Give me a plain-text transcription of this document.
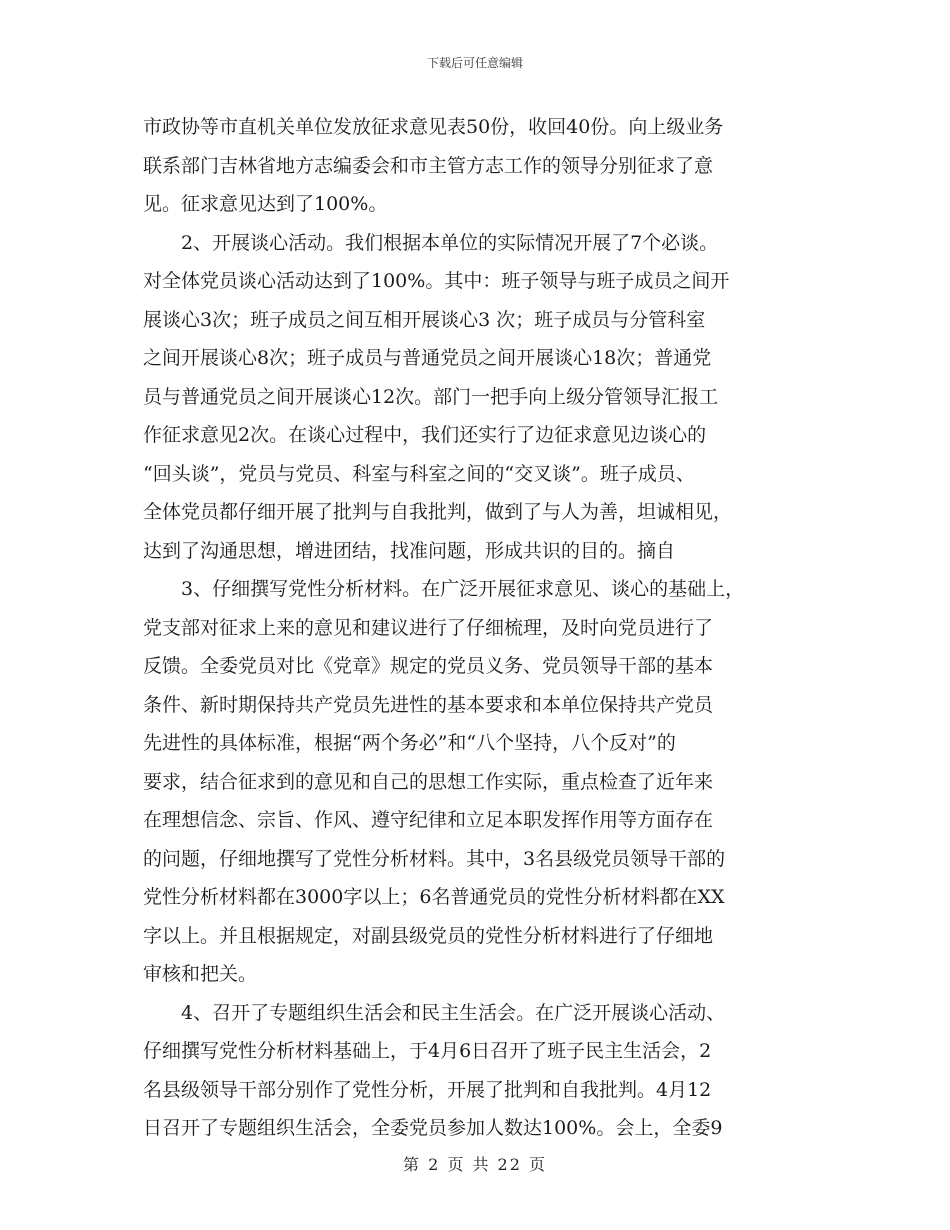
下载后可任意编辑
市政协等市直机关单位发放征求意见表50份，收回40份。向上级业务
联系部门吉林省地方志编委会和市主管方志工作的领导分别征求了意
见。征求意见达到了100%。
　　2、开展谈心活动。我们根据本单位的实际情况开展了7个必谈。
对全体党员谈心活动达到了100%。其中：班子领导与班子成员之间开
展谈心3次；班子成员之间互相开展谈心3 次；班子成员与分管科室
之间开展谈心8次；班子成员与普通党员之间开展谈心18次；普通党
员与普通党员之间开展谈心12次。部门一把手向上级分管领导汇报工
作征求意见2次。在谈心过程中，我们还实行了边征求意见边谈心的
“回头谈”，党员与党员、科室与科室之间的“交叉谈”。班子成员、
全体党员都仔细开展了批判与自我批判，做到了与人为善，坦诚相见，
达到了沟通思想，增进团结，找准问题，形成共识的目的。摘自
　　3、仔细撰写党性分析材料。在广泛开展征求意见、谈心的基础上，
党支部对征求上来的意见和建议进行了仔细梳理，及时向党员进行了
反馈。全委党员对比《党章》规定的党员义务、党员领导干部的基本
条件、新时期保持共产党员先进性的基本要求和本单位保持共产党员
先进性的具体标准，根据“两个务必”和“八个坚持，八个反对”的
要求，结合征求到的意见和自己的思想工作实际，重点检查了近年来
在理想信念、宗旨、作风、遵守纪律和立足本职发挥作用等方面存在
的问题，仔细地撰写了党性分析材料。其中，3名县级党员领导干部的
党性分析材料都在3000字以上；6名普通党员的党性分析材料都在XX
字以上。并且根据规定，对副县级党员的党性分析材料进行了仔细地
审核和把关。
　　4、召开了专题组织生活会和民主生活会。在广泛开展谈心活动、
仔细撰写党性分析材料基础上，于4月6日召开了班子民主生活会，2
名县级领导干部分别作了党性分析，开展了批判和自我批判。4月12
日召开了专题组织生活会，全委党员参加人数达100%。会上，全委9
第 2 页 共 22 页
